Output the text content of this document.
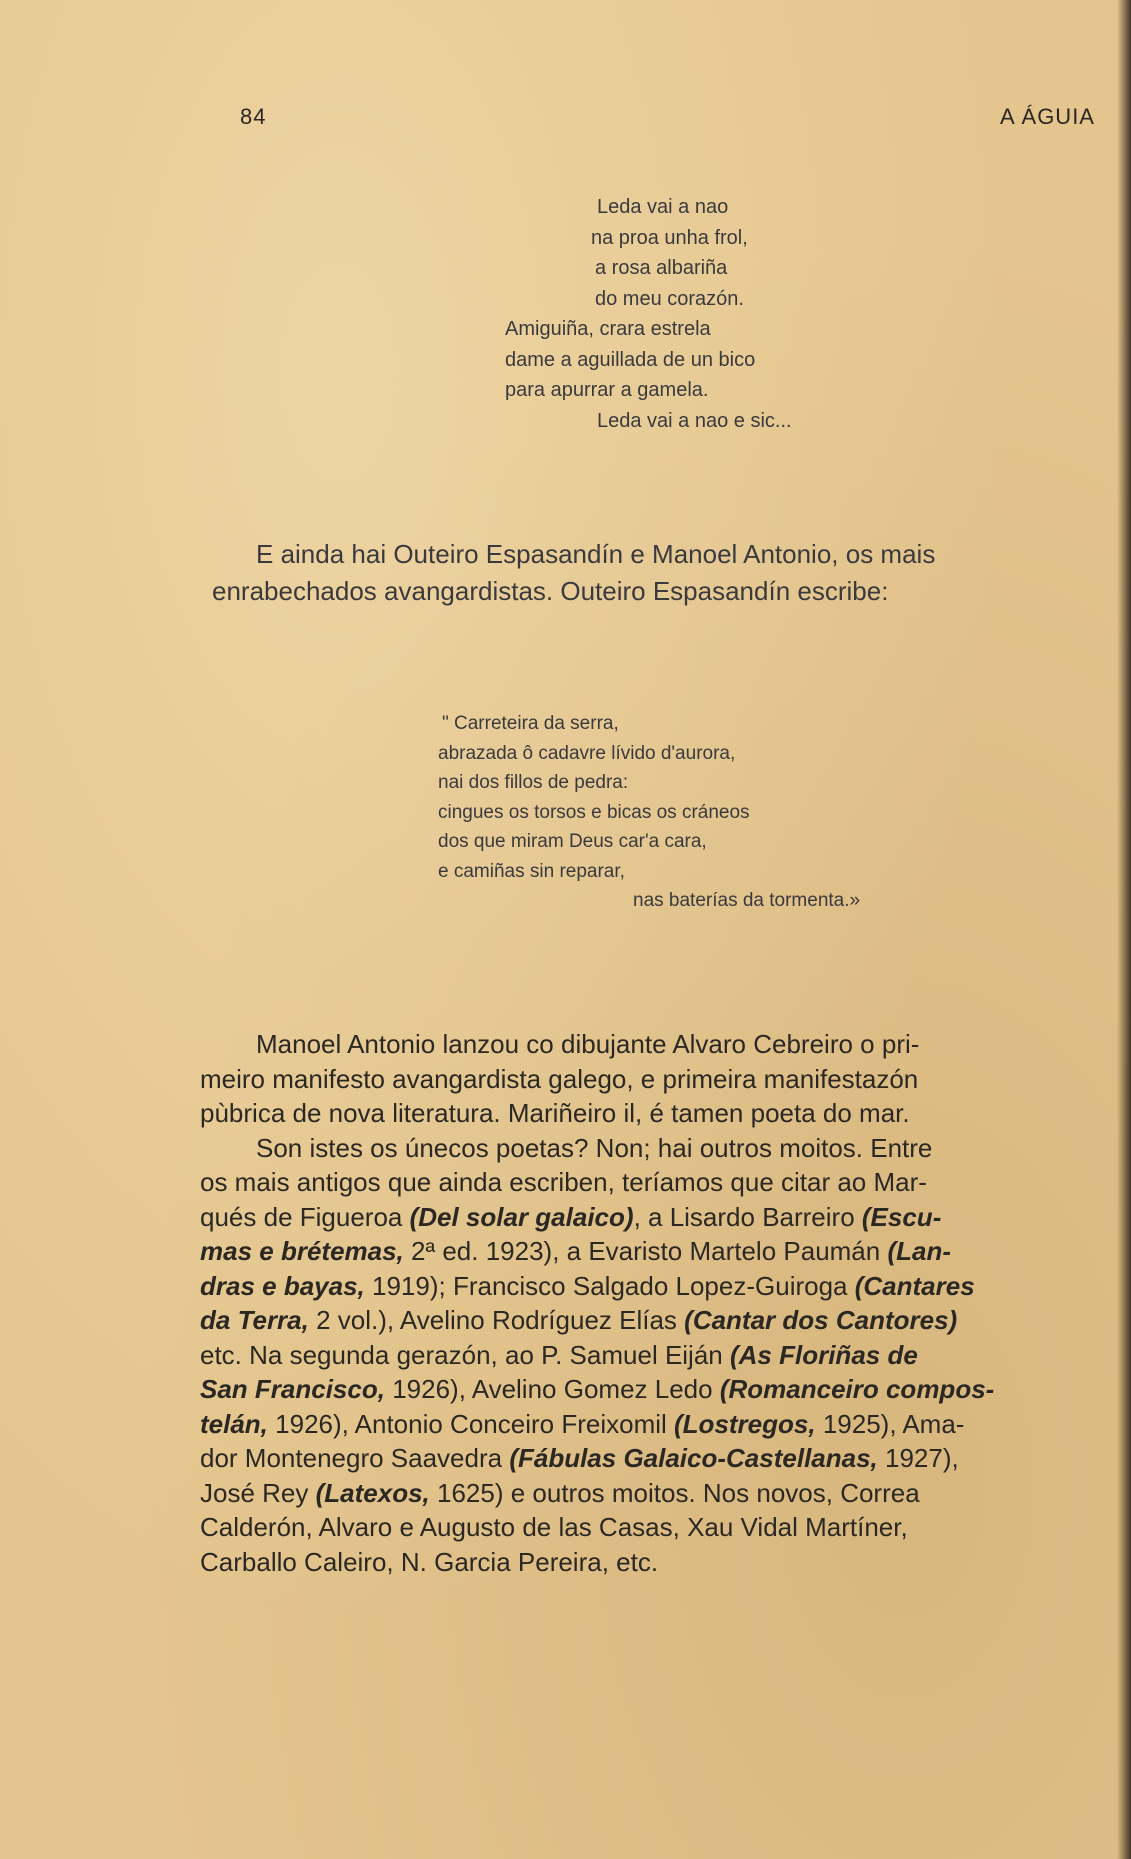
84	A ÁGUIA
Leda vai a nao
na proa unha frol,
a rosa albariña
do meu corazón.
Amiguiña, crara estrela
dame a aguillada de un bico
para apurrar a gamela.
Leda vai a nao e sic...
E ainda hai Outeiro Espasandín e Manoel Antonio, os mais
enrabechados avangardistas. Outeiro Espasandín escribe:
" Carreteira da serra,
abrazada ô cadavre lívido d'aurora,
nai dos fillos de pedra:
cingues os torsos e bicas os cráneos
dos que miram Deus car'a cara,
e camiñas sin reparar,
nas baterías da tormenta.»
Manoel Antonio lanzou co dibujante Alvaro Cebreiro o pri-
meiro manifesto avangardista galego, e primeira manifestazón
pùbrica de nova literatura. Mariñeiro il, é tamen poeta do mar.
Son istes os únecos poetas? Non; hai outros moitos. Entre
os mais antigos que ainda escriben, teríamos que citar ao Mar-
qués de Figueroa (Del solar galaico), a Lisardo Barreiro (Escu-
mas e brétemas, 2ª ed. 1923), a Evaristo Martelo Paumán (Lan-
dras e bayas, 1919); Francisco Salgado Lopez-Guiroga (Cantares
da Terra, 2 vol.), Avelino Rodríguez Elías (Cantar dos Cantores)
etc. Na segunda gerazón, ao P. Samuel Eiján (As Floriñas de
San Francisco, 1926), Avelino Gomez Ledo (Romanceiro compos-
telán, 1926), Antonio Conceiro Freixomil (Lostregos, 1925), Ama-
dor Montenegro Saavedra (Fábulas Galaico-Castellanas, 1927),
José Rey (Latexos, 1625) e outros moitos. Nos novos, Correa
Calderón, Alvaro e Augusto de las Casas, Xau Vidal Martíner,
Carballo Caleiro, N. Garcia Pereira, etc.
